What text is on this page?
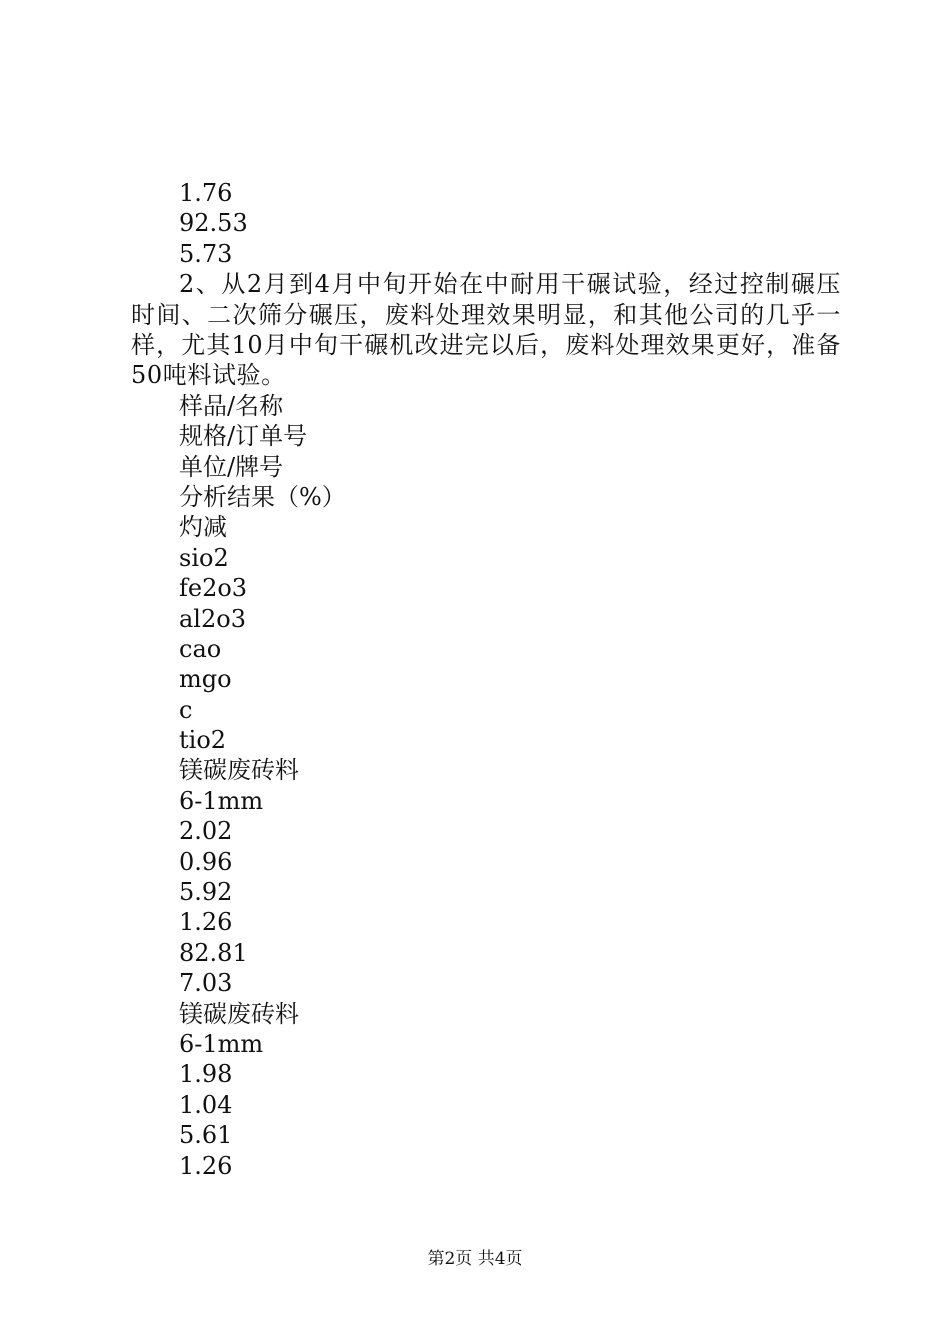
1.76
92.53
5.73

2、从2月到4月中旬开始在中耐用干碾试验，经过控制碾压时间、二次筛分碾压，废料处理效果明显，和其他公司的几乎一样，尤其10月中旬干碾机改进完以后，废料处理效果更好，准备50吨料试验。

样品/名称
规格/订单号
单位/牌号
分析结果（%）
灼减
sio2
fe2o3
al2o3
cao
mgo
c
tio2
镁碳废砖料
6-1mm
2.02
0.96
5.92
1.26
82.81
7.03
镁碳废砖料
6-1mm
1.98
1.04
5.61
1.26
第2页 共4页
